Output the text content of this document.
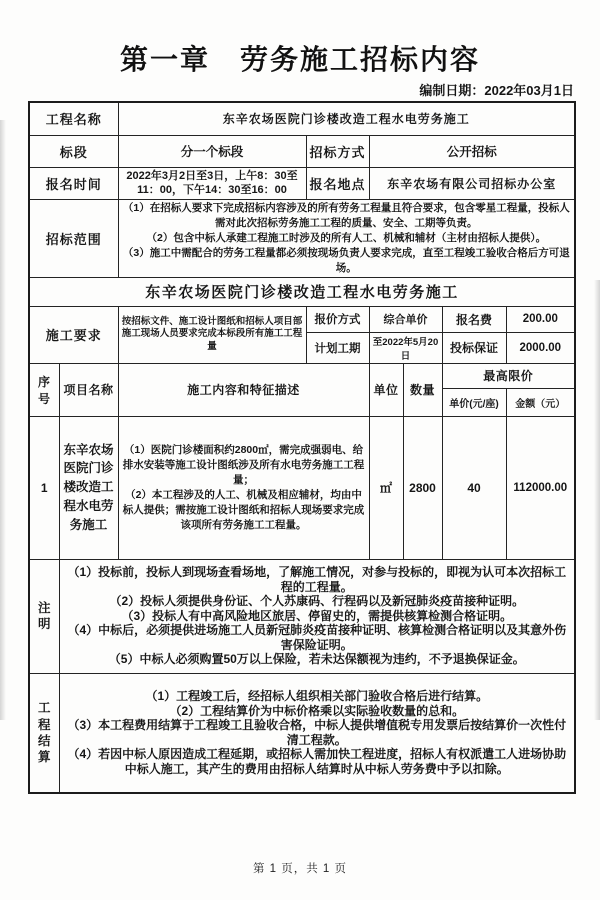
第一章　劳务施工招标内容
编制日期：2022年03月1日
工程名称		东辛农场医院门诊楼改造工程水电劳务施工					
标段		分一个标段	招标方式	公开招标			
报名时间		2022年3月2日至3日，上午8：30至11：00，下午14：30至16：00	报名地点	东辛农场有限公司招标办公室			
招标范围		（1）在招标人要求下完成招标内容涉及的所有劳务工程量且符合要求，包含零星工程量，投标人需对此次招标劳务施工工程的质量、安全、工期等负责。
（2）包含中标人承建工程施工时涉及的所有人工、机械和辅材（主材由招标人提供）。
（3）施工中需配合的劳务工程量都必须按现场负责人要求完成，直至工程竣工验收合格后方可退场。					

东辛农场医院门诊楼改造工程水电劳务施工							
施工要求		按招标文件、施工设计图纸和招标人项目部施工现场人员要求完成本标段所有施工工程量	报价方式	综合单价		报名费	200.00
			计划工期	至2022年5月20日		投标保证	2000.00
序号	项目名称	施工内容和特征描述		单位	数量	最高限价	
						单价(元/座)	金额（元）
1	东辛农场医院门诊楼改造工程水电劳务施工	（1）医院门诊楼面积约2800㎡，需完成强弱电、给排水安装等施工设计图纸涉及所有水电劳务施工工程量；
（2）本工程涉及的人工、机械及相应辅材，均由中标人提供；需按施工设计图纸和招标人现场要求完成该项所有劳务施工工程量。		㎡	2800	40	112000.00
注明	（1）投标前，投标人到现场查看场地，了解施工情况，对参与投标的，即视为认可本次招标工程的工程量。
（2）投标人须提供身份证、个人苏康码、行程码以及新冠肺炎疫苗接种证明。
（3）投标人有中高风险地区旅居、停留史的，需提供核算检测合格证明。
（4）中标后，必须提供进场施工人员新冠肺炎疫苗接种证明、核算检测合格证明以及其意外伤害保险证明。
（5）中标人必须购置50万以上保险，若未达保额视为违约，不予退换保证金。						

工程结算	（1）工程竣工后，经招标人组织相关部门验收合格后进行结算。
（2）工程结算价为中标价格乘以实际验收数量的总和。
（3）本工程费用结算于工程竣工且验收合格，中标人提供增值税专用发票后按结算价一次性付清工程款。
（4）若因中标人原因造成工程延期，或招标人需加快工程进度，招标人有权派遣工人进场协助中标人施工，其产生的费用由招标人结算时从中标人劳务费中予以扣除。						
第 1 页，共 1 页
